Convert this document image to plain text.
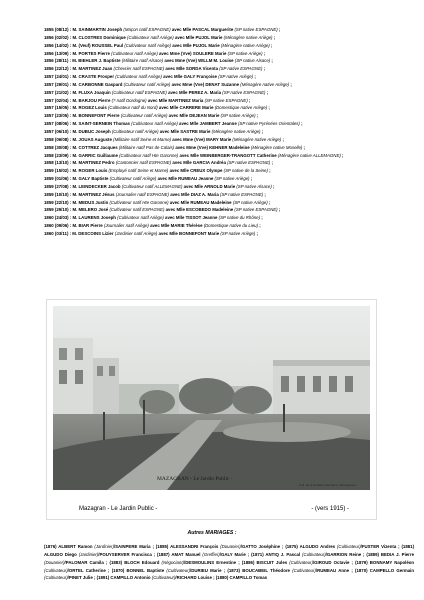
1855 (08/12) : M. SAINMARTIN Joseph (Maçon natif ESPAGNE) avec Mlle PASCAL Marguerite (SP native ESPAGNE) ;
1856 (02/02) : M. CLOSTRES Dominique (Cultivateur natif Ariège) avec Mlle PUJOL Marie (Ménagère native Ariège) ;
1856 (14/02) : M. (Veuf) ROUSSEL Paul (Cultivateur natif Ariège) avec Mlle PUJOL Marie (Ménagère native Ariège) ;
1856 (13/09) : M. PORTES Pierre (Cultivateur natif Ariège) avec Mme (Vve) SOULERE Marie (SP native Ariège) ;
1856 (28/11) : M. BIEHLER J. Baptiste (Militaire natif Alsace) avec Mme (Vve) WILLM M. Louise (SP native Alsace) ;
1856 (22/12) : M. MARTINEZ Juan (Chevrier natif ESPAGNE) avec Mlle SORDA Vicenta (SP native ESPAGNE) ;
1857 (24/01) : M. CRASTE Prosper (Cultivateur natif Ariège) avec Mlle GALY Françoise (SP native Ariège) ;
1857 (29/01) : M. CARBONNE Gaspard (Cultivateur natif Ariège) avec Mme (Vve) DENAT Suzanne (Ménagère native Ariège) ;
1857 (21/02) : M. FLUXA Joaquin (Cultivateur natif ESPAGNE) avec Mlle PEREZ A. Maria (SP native ESPAGNE) ;
1857 (02/04) : M. BARJOU Pierre (? natif Dordogne) avec Mlle MARTINEZ Maria (SP native ESPAGNE) ;
1857 (15/05) : M. ROGEZ Louis (Cultivateur natif du Nord) avec Mlle CARRERE Marie (Domestique native Ariège) ;
1857 (23/05) : M. BONNEFONT Pierre (Cultivateur natif Ariège) avec Mlle DEJEAN Marie (SP native Ariège) ;
1857 (08/06) : M. SAINT-SERNEIN Thomas (Cultivateur natif Ariège) avec Mlle JAMBERT Jeanne (SP native Pyrénées Orientales) ;
1857 (06/10) : M. DUBUC Joseph (Cultivateur natif Ariège) avec Mlle SASTRE Marie (Ménagère native Ariège) ;
1858 (06/08) : M. JOUAS Auguste (Militaire natif Seine et Marne) avec Mme (Vve) MARY Marie (Ménagère native Ariège) ;
1858 (30/08) : M. COTTREZ Jacques (Militaire natif Pas de Calais) avec Mme (Vve) KEHNER Madeleine (Ménagère native Moselle) ;
1858 (23/09) : M. GARRIC Guillaume (Cultivateur natif Hte Garonne) avec Mlle WEINBERGER-TRANGOTT Catherine (Ménagère native ALLEMAGNE) ;
1858 (13/10) : M. MARTINEZ Pedro (Cantonnier natif ESPAGNE) avec Mlle GARCIA Andréa (SP native ESPAGNE) ;
1859 (15/02) : M. ROGER Louis (Employé natif Seine et Marne) avec Mlle CREUX Olympe (SP native de la Seine) ;
1859 (01/06) : M. GALY Baptiste (Cultivateur natif Ariège) avec Mlle RUMEAU Jeanne (SP native Ariège) ;
1859 (27/08) : M. LEINDECKER Jacob (Cultivateur natif ALLEMAGNE) avec Mlle ARNOLD Marie (SP native Alsace) ;
1859 (10/10) : M. MARTINEZ Jésus (Journalier natif ESPAGNE) avec Mlle DIAZ A. Maria (SP native ESPAGNE) ;
1859 (22/10) : M. MEDUS Justin (Cultivateur natif Hte Garonne) avec Mlle RUMEAU Madeleine (SP native Ariège) ;
1859 (29/10) : M. MELERO José (Cultivateur natif ESPAGNE) avec Mlle ESCOBEDO Madeleine (SP native ESPAGNE) ;
1860 (24/03) : M. LAURENS Joseph (Cultivateur natif Ariège) avec Mlle TISSOT Jeanne (SP native du Rhône) ;
1860 (09/06) : M. BIAR Pierre (Journalier natif Ariège) avec Mlle MARIE Thérèse (Domestique native du Lieu) ;
1860 (03/11) : M. DESCOINS Lizier (Jardinier natif Ariège) avec Mlle BONNEFONT Marie (SP native Ariège) ;
MAZAGRAN - Le Jardin Public -
Coll. de la Société Historique, Mostaganem
Mazagran - Le Jardin Public -	- (vers 1915) -
Autres MARIAGES :
(1876) ALBERT Ramon (Jardinier)/SAINPERE Maria ; (1885) ALESSANDRI François (Douanier)/GATTO Joséphine ; (1875) ALGUDO Andres (Cultivateur)/FUSTER Vizenta ; (1881) ALGUDO Diego (Jardinier)/POUYSERVER Francisca ; (1887) AMAT Manuel (Greffier)/GALY Marie ; (1871) ANTIQ J. Pascal (Cultivateur)/GARRION Reine ; (1889) BEDIA J. Pierre (Douanier)/PALOMAR Camila ; (1883) BLOCH Edouard (Négociant)/DESMOULINS Ernestine ; (1886) BISCUIT Jules (Cultivateur)/GIROUD Octavie ; (1879) BONNAMY Napoléon (Cultivateur)/ORTEL Catherine ; (1870) BONNEL Baptiste (Cultivateur)/DURIEU Marie ; (1873) BOUCABEIL Théodore (Cultivateur)/RUMEAU Anne ; (1870) CAMPELLO Germain (Cultivateur)/PINET Julie ; (1891) CAMPILLO Antonio (Cultivateur)/RICHARD Louise ; (1880) CAMPILLO Tomas
